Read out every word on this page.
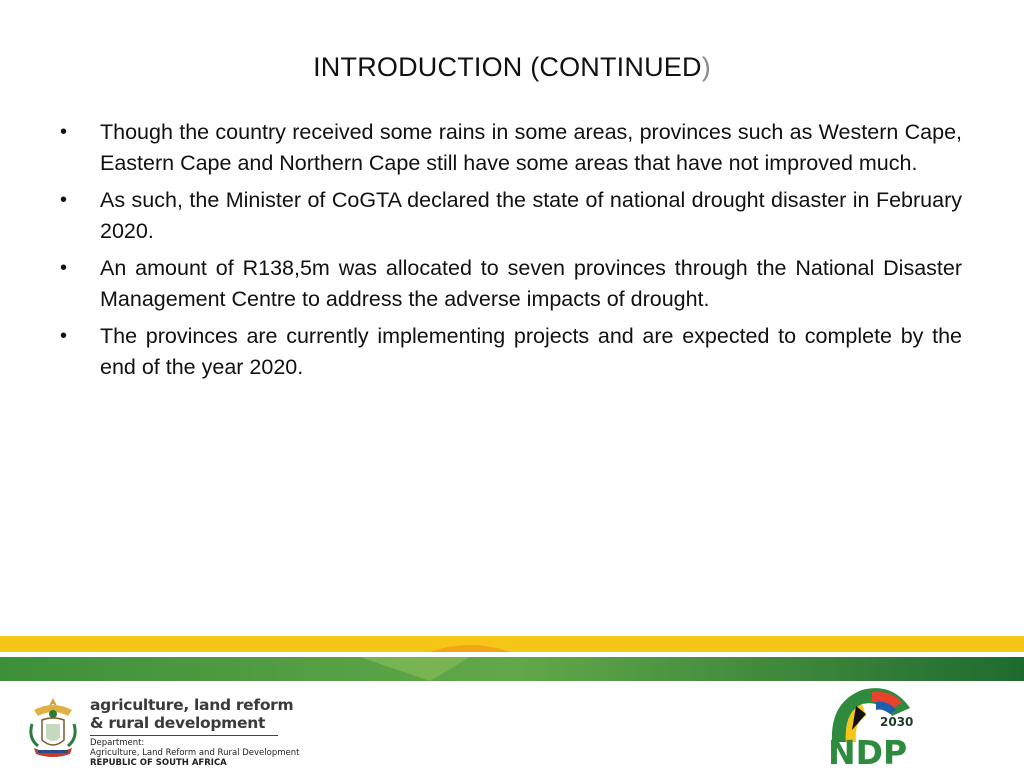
INTRODUCTION (CONTINUED)
• Though the country received some rains in some areas, provinces such as Western Cape, Eastern Cape and Northern Cape still have some areas that have not improved much.
• As such, the Minister of CoGTA declared the state of national drought disaster in February 2020.
• An amount of R138,5m was allocated to seven provinces through the National Disaster Management Centre to address the adverse impacts of drought.
• The provinces are currently implementing projects and are expected to complete by the end of the year 2020.
agriculture, land reform
& rural development
Department:
Agriculture, Land Reform and Rural Development
REPUBLIC OF SOUTH AFRICA
2030
NDP
